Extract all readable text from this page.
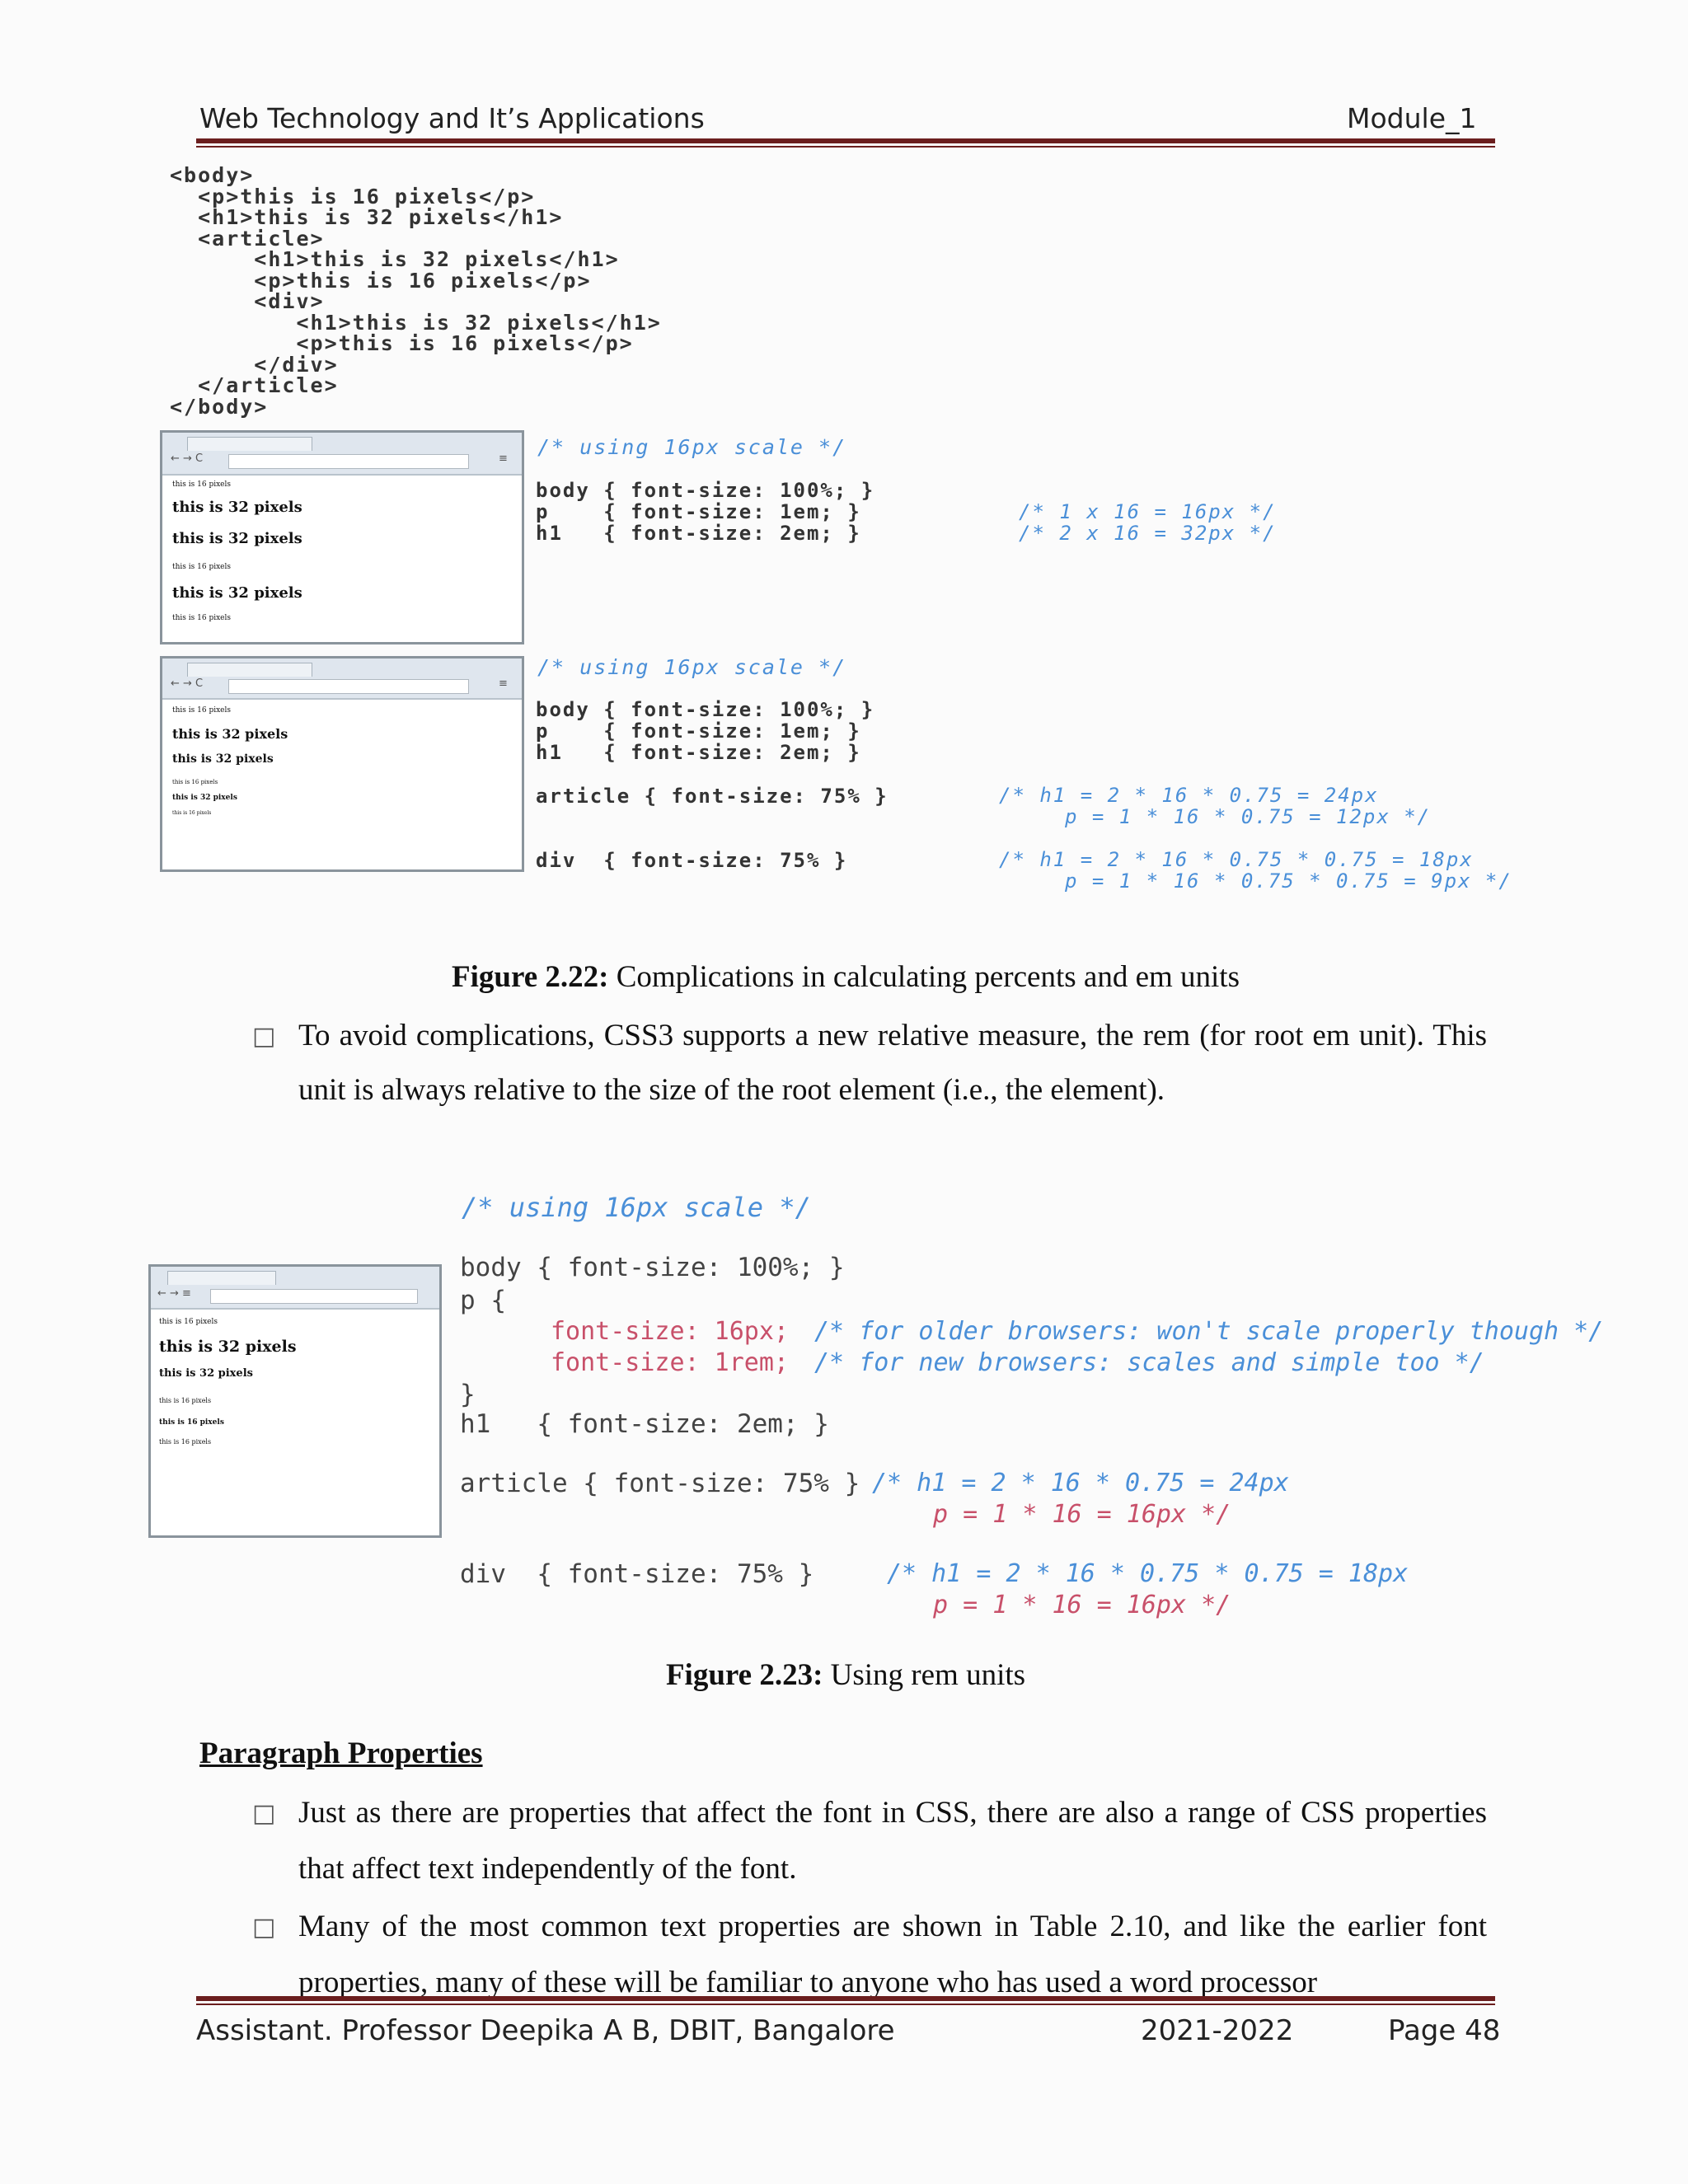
Web Technology and It’s Applications	Module_1
<body>
<p>this is 16 pixels</p>
<h1>this is 32 pixels</h1>
<article>
<h1>this is 32 pixels</h1>
<p>this is 16 pixels</p>
<div>
<h1>this is 32 pixels</h1>
<p>this is 16 pixels</p>
</div>
</article>
</body>
← → C	≡
this is 16 pixels
this is 32 pixels
this is 32 pixels
this is 16 pixels
this is 32 pixels
this is 16 pixels
/* using 16px scale */
body { font-size: 100%; }
p    { font-size: 1em; }
h1   { font-size: 2em; }
/* 1 x 16 = 16px */
/* 2 x 16 = 32px */
← → C	≡
this is 16 pixels
this is 32 pixels
this is 32 pixels
this is 16 pixels
this is 32 pixels
this is 16 pixels
/* using 16px scale */
body { font-size: 100%; }
p    { font-size: 1em; }
h1   { font-size: 2em; }
article { font-size: 75% }	/* h1 = 2 * 16 * 0.75 = 24px
p = 1 * 16 * 0.75 = 12px */
div  { font-size: 75% }	/* h1 = 2 * 16 * 0.75 * 0.75 = 18px
p = 1 * 16 * 0.75 * 0.75 = 9px */
Figure 2.22: Complications in calculating percents and em units
□ To avoid complications, CSS3 supports a new relative measure, the rem (for root em unit). This unit is always relative to the size of the root element (i.e., the element).
← → ≡
this is 16 pixels
this is 32 pixels
this is 32 pixels
this is 16 pixels
this is 16 pixels
this is 16 pixels
/* using 16px scale */
body { font-size: 100%; }
p {
font-size: 16px;
font-size: 1rem;
/* for older browsers: won't scale properly though */
/* for new browsers: scales and simple too */
}
h1   { font-size: 2em; }
article { font-size: 75% } /* h1 = 2 * 16 * 0.75 = 24px
p = 1 * 16 = 16px */
div  { font-size: 75% }	/* h1 = 2 * 16 * 0.75 * 0.75 = 18px
p = 1 * 16 = 16px */
Figure 2.23: Using rem units
Paragraph Properties
□ Just as there are properties that affect the font in CSS, there are also a range of CSS properties that affect text independently of the font.
□ Many of the most common text properties are shown in Table 2.10, and like the earlier font properties, many of these will be familiar to anyone who has used a word processor
Assistant. Professor Deepika A B, DBIT, Bangalore	2021-2022	Page 48
